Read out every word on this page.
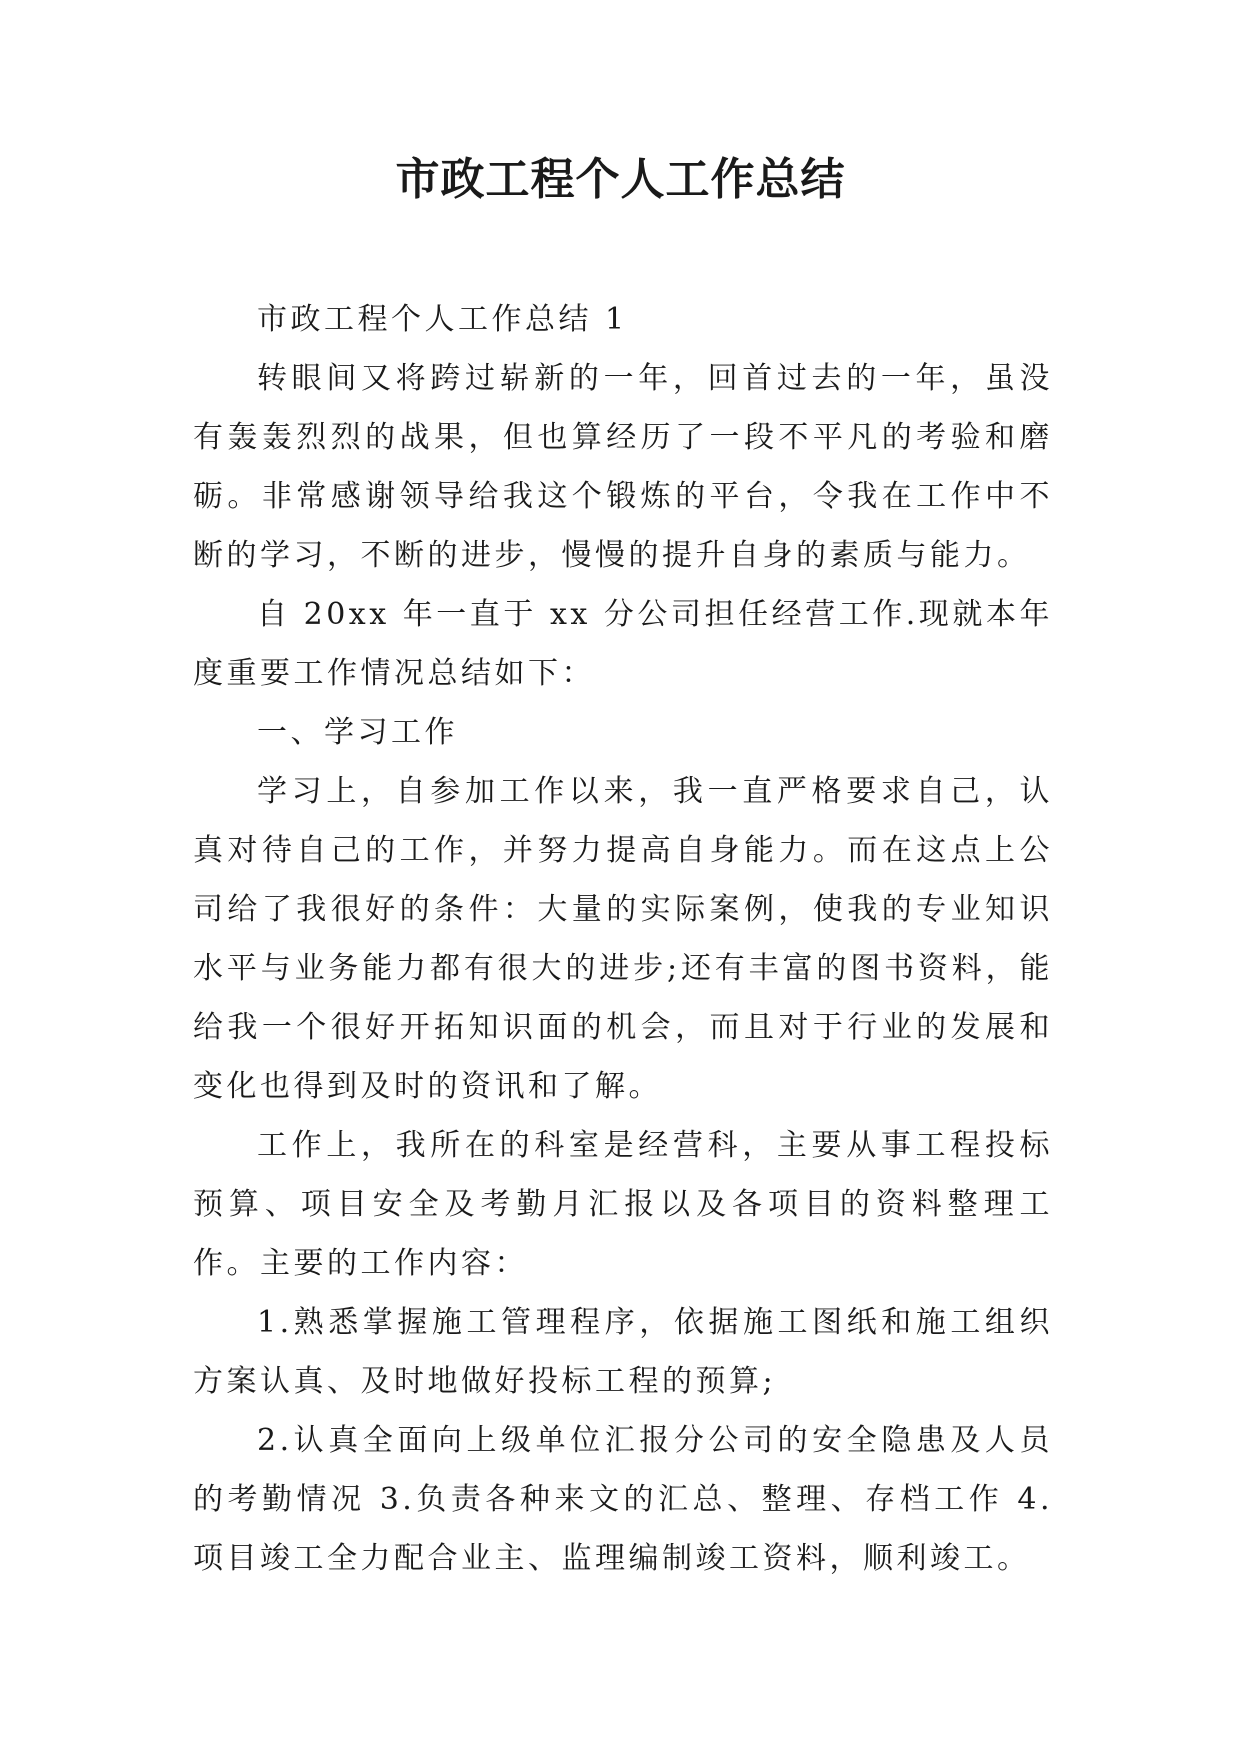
市政工程个人工作总结

市政工程个人工作总结 1

转眼间又将跨过崭新的一年，回首过去的一年，虽没有轰轰烈烈的战果，但也算经历了一段不平凡的考验和磨砺。非常感谢领导给我这个锻炼的平台，令我在工作中不断的学习，不断的进步，慢慢的提升自身的素质与能力。

自 20xx 年一直于 xx 分公司担任经营工作.现就本年度重要工作情况总结如下：

一、学习工作

学习上，自参加工作以来，我一直严格要求自己，认真对待自己的工作，并努力提高自身能力。而在这点上公司给了我很好的条件：大量的实际案例，使我的专业知识水平与业务能力都有很大的进步;还有丰富的图书资料，能给我一个很好开拓知识面的机会，而且对于行业的发展和变化也得到及时的资讯和了解。

工作上，我所在的科室是经营科，主要从事工程投标预算、项目安全及考勤月汇报以及各项目的资料整理工作。主要的工作内容：

1.熟悉掌握施工管理程序，依据施工图纸和施工组织方案认真、及时地做好投标工程的预算;

2.认真全面向上级单位汇报分公司的安全隐患及人员的考勤情况 3.负责各种来文的汇总、整理、存档工作 4.项目竣工全力配合业主、监理编制竣工资料，顺利竣工。
